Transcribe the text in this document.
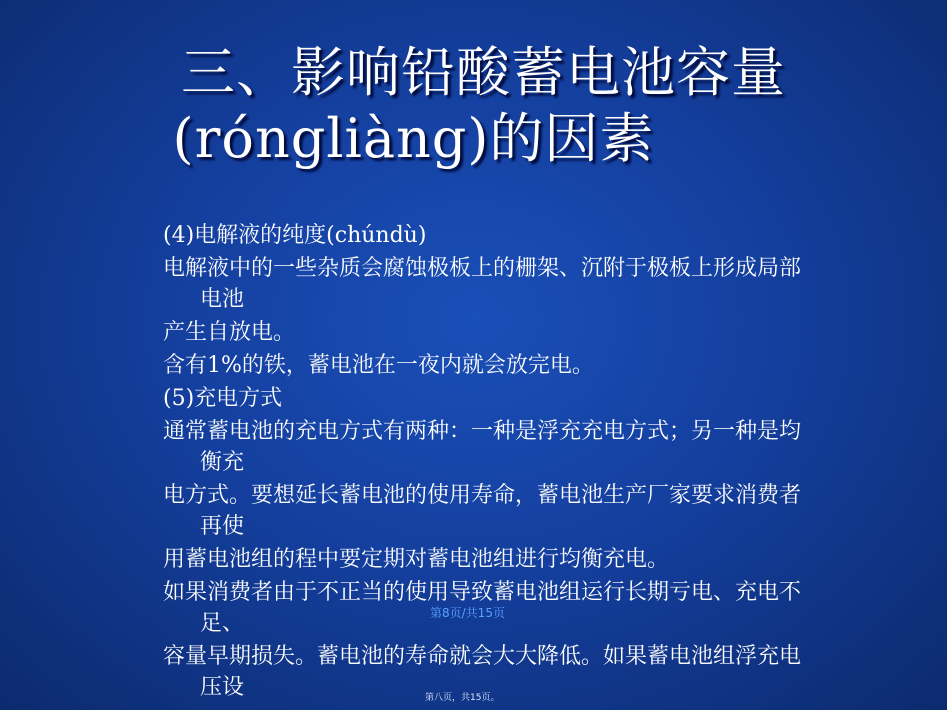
三、影响铅酸蓄电池容量
(róngliàng)的因素
(4)电解液的纯度(chúndù)
电解液中的一些杂质会腐蚀极板上的栅架、沉附于极板上形成局部电池
产生自放电。
含有1%的铁，蓄电池在一夜内就会放完电。
(5)充电方式
通常蓄电池的充电方式有两种：一种是浮充充电方式；另一种是均衡充
电方式。要想延长蓄电池的使用寿命，蓄电池生产厂家要求消费者再使
用蓄电池组的程中要定期对蓄电池组进行均衡充电。
如果消费者由于不正当的使用导致蓄电池组运行长期亏电、充电不足、
容量早期损失。蓄电池的寿命就会大大降低。如果蓄电池组浮充电压设
第8页/共15页
第八页，共15页。
